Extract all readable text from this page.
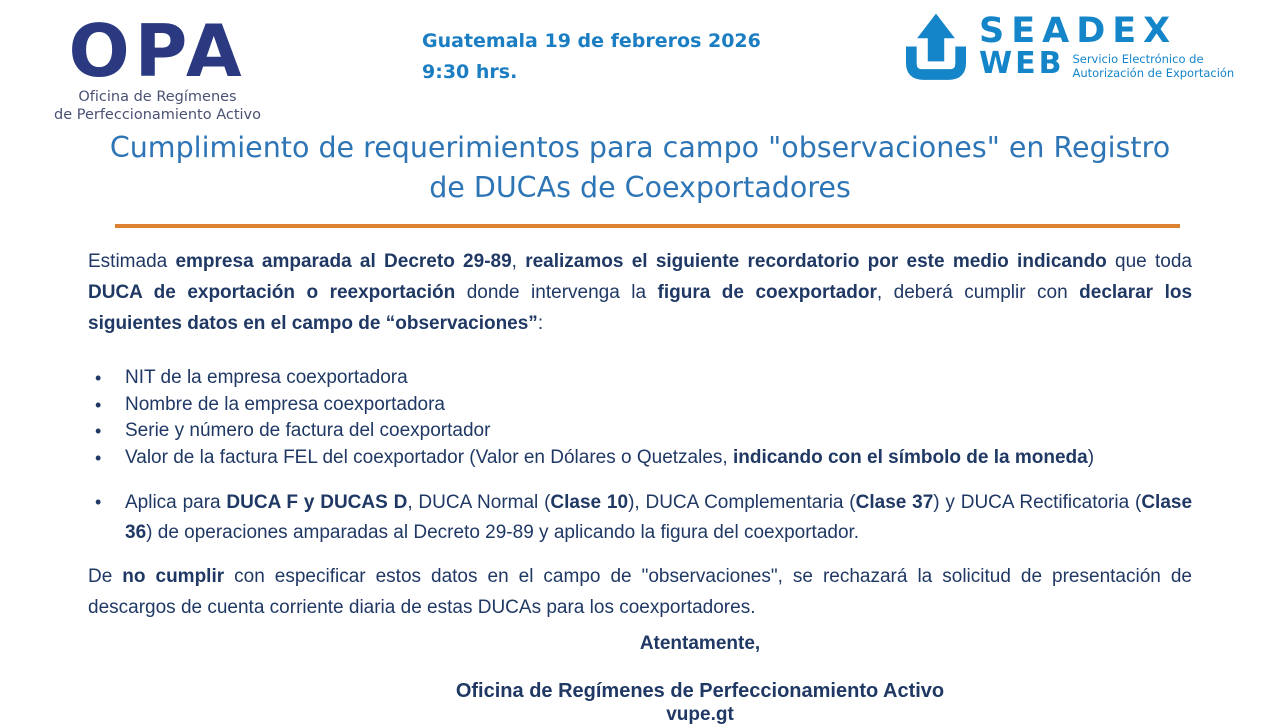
OPA
Oficina de Regímenes
de Perfeccionamiento Activo
Guatemala 19 de febreros 2026
9:30 hrs.
SEADEX
WEB Servicio Electrónico de
Autorización de Exportación
Cumplimiento de requerimientos para campo "observaciones" en Registro
de DUCAs de Coexportadores

Estimada empresa amparada al Decreto 29-89, realizamos el siguiente recordatorio por este medio indicando que toda DUCA de exportación o reexportación donde intervenga la figura de coexportador, deberá cumplir con declarar los siguientes datos en el campo de “observaciones”:

• NIT de la empresa coexportadora
• Nombre de la empresa coexportadora
• Serie y número de factura del coexportador
• Valor de la factura FEL del coexportador (Valor en Dólares o Quetzales, indicando con el símbolo de la moneda)
• Aplica para DUCA F y DUCAS D, DUCA Normal (Clase 10), DUCA Complementaria (Clase 37) y DUCA Rectificatoria (Clase 36) de operaciones amparadas al Decreto 29-89 y aplicando la figura del coexportador.

De no cumplir con especificar estos datos en el campo de "observaciones", se rechazará la solicitud de presentación de descargos de cuenta corriente diaria de estas DUCAs para los coexportadores.

Atentamente,

Oficina de Regímenes de Perfeccionamiento Activo

vupe.gt
